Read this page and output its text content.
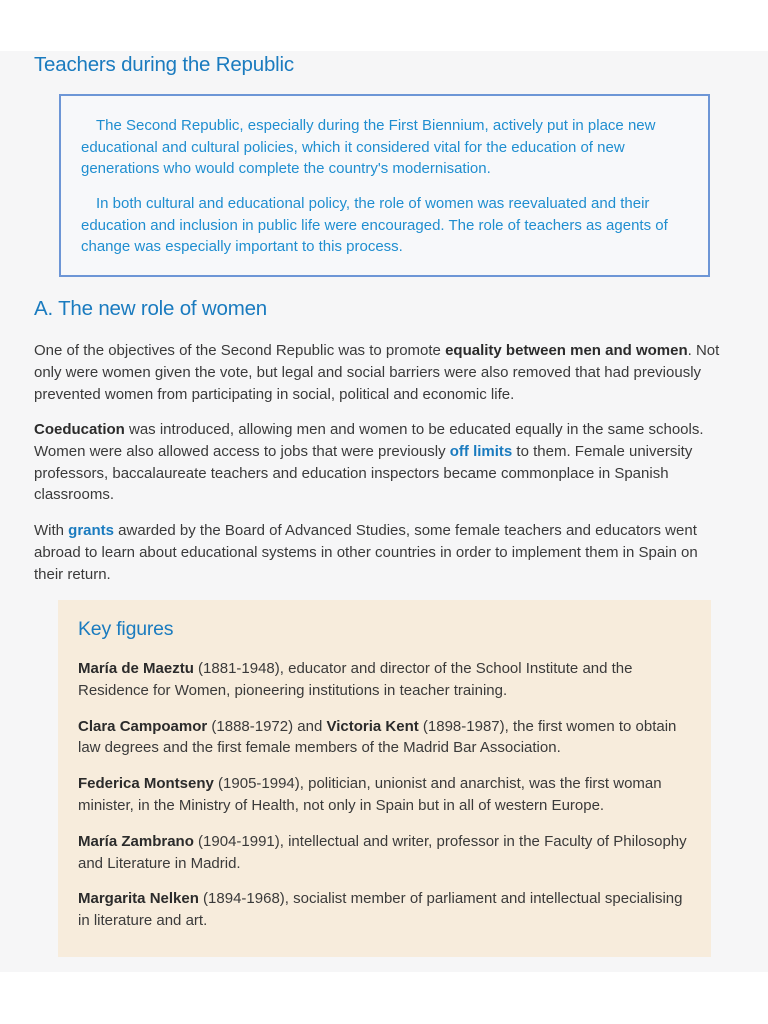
Teachers during the Republic

The Second Republic, especially during the First Biennium, actively put in place new educational and cultural policies, which it considered vital for the education of new generations who would complete the country's modernisation.

In both cultural and educational policy, the role of women was reevaluated and their education and inclusion in public life were encouraged. The role of teachers as agents of change was especially important to this process.

A. The new role of women

One of the objectives of the Second Republic was to promote equality between men and women. Not only were women given the vote, but legal and social barriers were also removed that had previously prevented women from participating in social, political and economic life.

Coeducation was introduced, allowing men and women to be educated equally in the same schools. Women were also allowed access to jobs that were previously off limits to them. Female university professors, baccalaureate teachers and education inspectors became commonplace in Spanish classrooms.

With grants awarded by the Board of Advanced Studies, some female teachers and educators went abroad to learn about educational systems in other countries in order to implement them in Spain on their return.

Key figures

María de Maeztu (1881-1948), educator and director of the School Institute and the Residence for Women, pioneering institutions in teacher training.

Clara Campoamor (1888-1972) and Victoria Kent (1898-1987), the first women to obtain law degrees and the first female members of the Madrid Bar Association.

Federica Montseny (1905-1994), politician, unionist and anarchist, was the first woman minister, in the Ministry of Health, not only in Spain but in all of western Europe.

María Zambrano (1904-1991), intellectual and writer, professor in the Faculty of Philosophy and Literature in Madrid.

Margarita Nelken (1894-1968), socialist member of parliament and intellectual specialising in literature and art.
